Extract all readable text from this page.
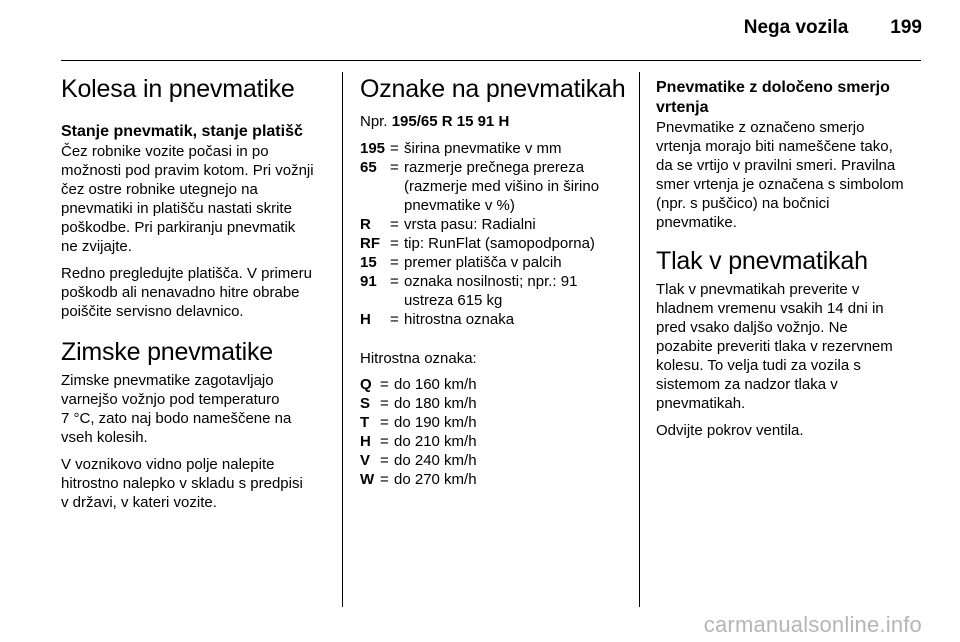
Nega vozila 199
Kolesa in pnevmatike
Stanje pnevmatik, stanje platišč

Čez robnike vozite počasi in po
možnosti pod pravim kotom. Pri vožnji
čez ostre robnike utegnejo na
pnevmatiki in platišču nastati skrite
poškodbe. Pri parkiranju pnevmatik
ne zvijajte.

Redno pregledujte platišča. V primeru
poškodb ali nenavadno hitre obrabe
poiščite servisno delavnico.

Zimske pnevmatike

Zimske pnevmatike zagotavljajo
varnejšo vožnjo pod temperaturo
7 °C, zato naj bodo nameščene na
vseh kolesih.

V voznikovo vidno polje nalepite
hitrostno nalepko v skladu s predpisi
v državi, v kateri vozite.

Oznake na pnevmatikah
Npr. 195/65 R 15 91 H
195 = širina pnevmatike v mm
65 = razmerje prečnega prereza (razmerje med višino in širino pnevmatike v %)
R	= vrsta pasu: Radialni
RF = tip: RunFlat (samopodporna)
15 = premer platišča v palcih
91 = oznaka nosilnosti; npr.: 91 ustreza 615 kg
H	= hitrostna oznaka

Hitrostna oznaka:

Q = do 160 km/h
S = do 180 km/h
T = do 190 km/h
H = do 210 km/h
V = do 240 km/h
W = do 270 km/h
Pnevmatike z določeno smerjo
vrtenja

Pnevmatike z označeno smerjo
vrtenja morajo biti nameščene tako,
da se vrtijo v pravilni smeri. Pravilna
smer vrtenja je označena s simbolom
(npr. s puščico) na bočnici
pnevmatike.

Tlak v pnevmatikah

Tlak v pnevmatikah preverite v
hladnem vremenu vsakih 14 dni in
pred vsako daljšo vožnjo. Ne
pozabite preveriti tlaka v rezervnem
kolesu. To velja tudi za vozila s
sistemom za nadzor tlaka v
pnevmatikah.

Odvijte pokrov ventila.

carmanualsonline.info
